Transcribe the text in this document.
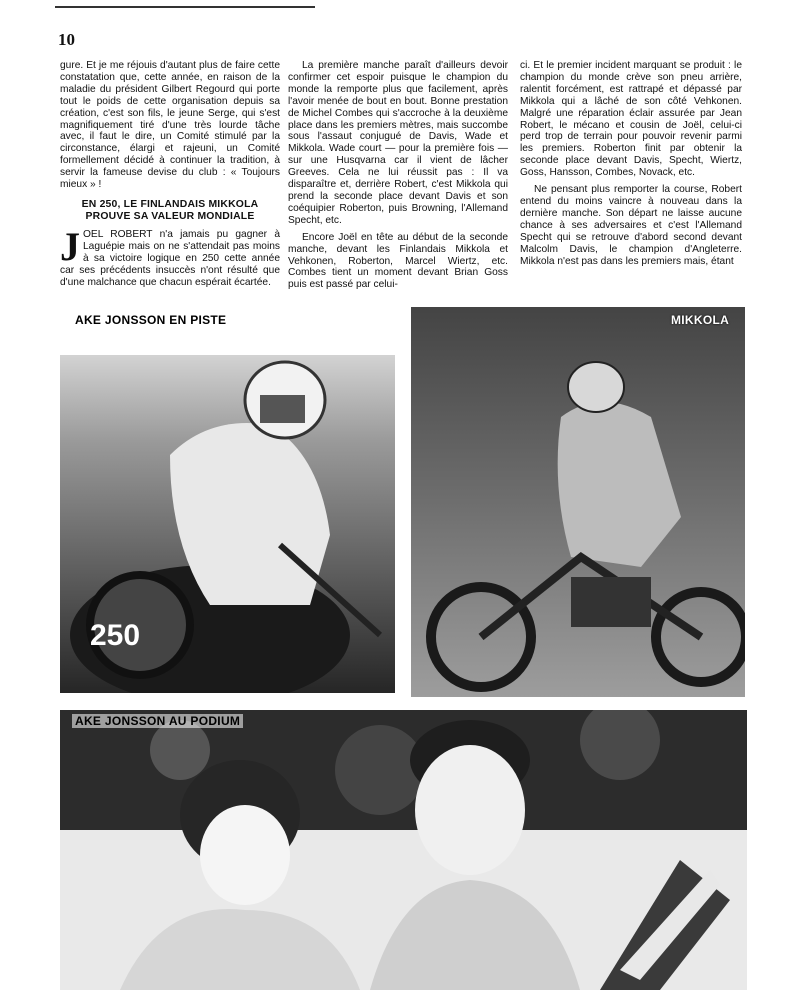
10

gure. Et je me réjouis d'autant plus de faire cette constatation que, cette année, en raison de la maladie du président Gilbert Regourd qui porte tout le poids de cette organisation depuis sa création, c'est son fils, le jeune Serge, qui s'est magnifiquement tiré d'une très lourde tâche avec, il faut le dire, un Comité stimulé par la circonstance, élargi et rajeuni, un Comité formellement décidé à continuer la tradition, à servir la fameuse devise du club : « Toujours mieux » !

EN 250, LE FINLANDAIS MIKKOLA PROUVE SA VALEUR MONDIALE

JOEL ROBERT n'a jamais pu gagner à Laguépie mais on ne s'attendait pas moins à sa victoire logique en 250 cette année car ses précédents insuccès n'ont résulté que d'une malchance que chacun espérait écartée.

La première manche paraît d'ailleurs devoir confirmer cet espoir puisque le champion du monde la remporte plus que facilement, après l'avoir menée de bout en bout. Bonne prestation de Michel Combes qui s'accroche à la deuxième place dans les premiers mètres, mais succombe sous l'assaut conjugué de Davis, Wade et Mikkola. Wade court — pour la première fois — sur une Husqvarna car il vient de lâcher Greeves. Cela ne lui réussit pas : Il va disparaître et, derrière Robert, c'est Mikkola qui prend la seconde place devant Davis et son coéquipier Roberton, puis Browning, l'Allemand Specht, etc.

Encore Joël en tête au début de la seconde manche, devant les Finlandais Mikkola et Vehkonen, Roberton, Marcel Wiertz, etc. Combes tient un moment devant Brian Goss puis est passé par celui-

ci. Et le premier incident marquant se produit : le champion du monde crève son pneu arrière, ralentit forcément, est rattrapé et dépassé par Mikkola qui a lâché de son côté Vehkonen. Malgré une réparation éclair assurée par Jean Robert, le mécano et cousin de Joël, celui-ci perd trop de terrain pour pouvoir revenir parmi les premiers. Roberton finit par obtenir la seconde place devant Davis, Specht, Wiertz, Goss, Hansson, Combes, Novack, etc.

Ne pensant plus remporter la course, Robert entend du moins vaincre à nouveau dans la dernière manche. Son départ ne laisse aucune chance à ses adversaires et c'est l'Allemand Specht qui se retrouve d'abord second devant Malcolm Davis, le champion d'Angleterre. Mikkola n'est pas dans les premiers mais, étant

250
AKE JONSSON EN PISTE	MIKKOLA
AKE JONSSON AU PODIUM
